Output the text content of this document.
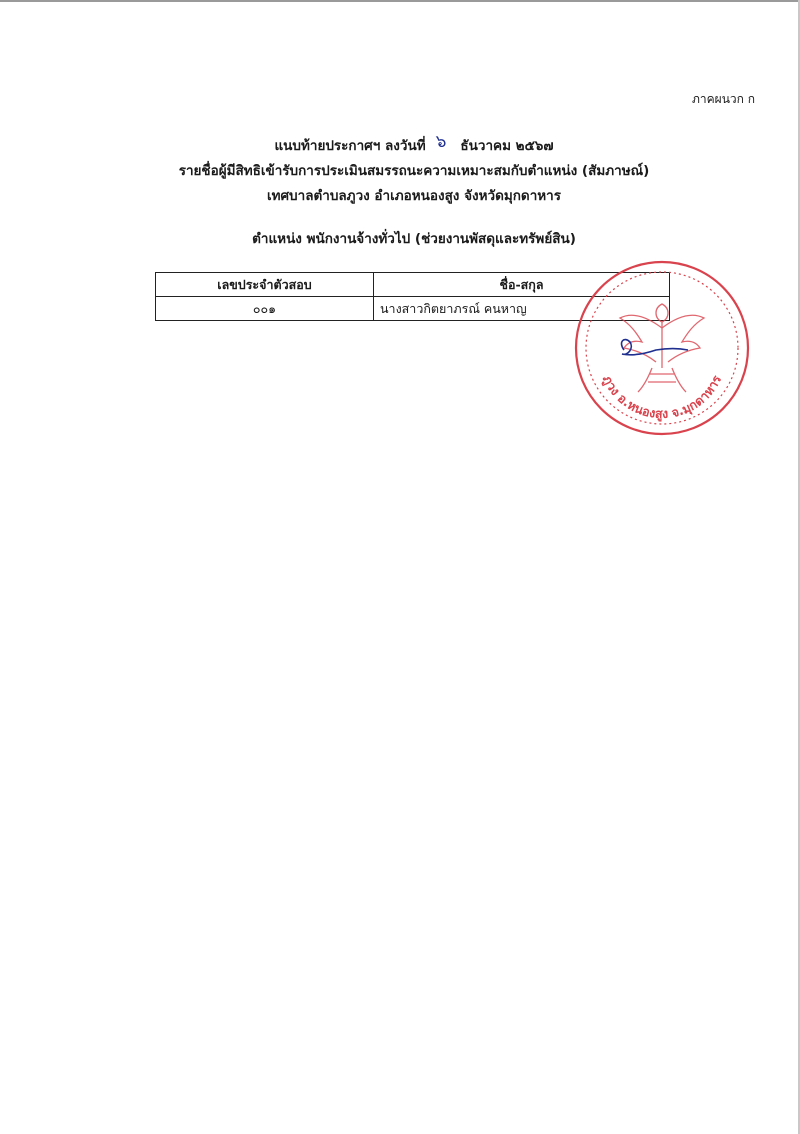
ภาคผนวก ก
แนบท้ายประกาศฯ ลงวันที่ ๖ ธันวาคม ๒๕๖๗
รายชื่อผู้มีสิทธิเข้ารับการประเมินสมรรถนะความเหมาะสมกับตำแหน่ง (สัมภาษณ์)
เทศบาลตำบลภูวง อำเภอหนองสูง จังหวัดมุกดาหาร
ตำแหน่ง พนักงานจ้างทั่วไป (ช่วยงานพัสดุและทรัพย์สิน)
เลขประจำตัวสอบ	ชื่อ-สกุล
๐๐๑	นางสาวกิตยาภรณ์ คนหาญ
ภูวง อ.หนองสูง จ.มุกดาหาร
